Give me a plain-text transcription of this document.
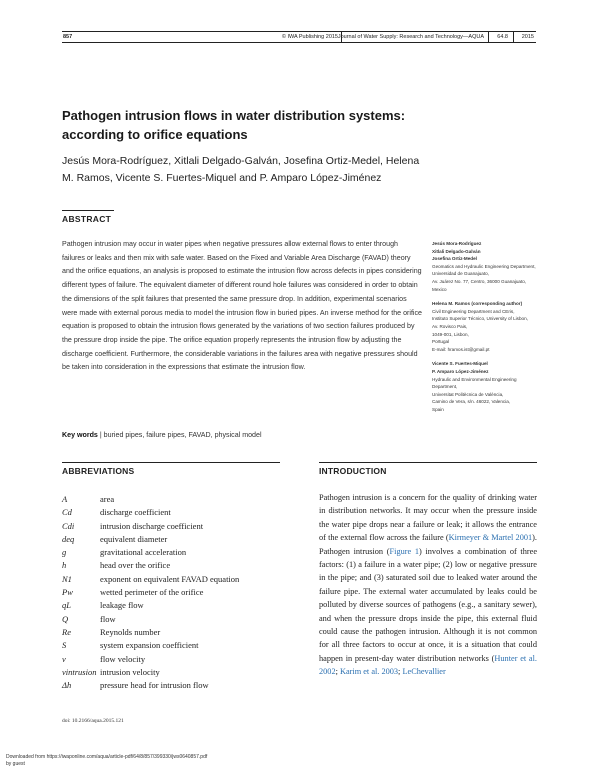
857	© IWA Publishing 2015 Journal of Water Supply: Research and Technology—AQUA 64.8	2015
Pathogen intrusion flows in water distribution systems: according to orifice equations
Jesús Mora-Rodríguez, Xitlali Delgado-Galván, Josefina Ortiz-Medel, Helena M. Ramos, Vicente S. Fuertes-Miquel and P. Amparo López-Jiménez
ABSTRACT
Pathogen intrusion may occur in water pipes when negative pressures allow external flows to enter through failures or leaks and then mix with safe water. Based on the Fixed and Variable Area Discharge (FAVAD) theory and the orifice equations, an analysis is proposed to estimate the intrusion flow across defects in pipes considering different types of failure. The equivalent diameter of different round hole failures was considered in order to obtain the dimensions of the split failures that presented the same pressure drop. In addition, experimental scenarios were made with external porous media to model the intrusion flow in buried pipes. An inverse method for the orifice equation is proposed to obtain the intrusion flows generated by the variations of two section failures produced by the pressure drop inside the pipe. The orifice equation properly represents the intrusion flow by adjusting the discharge coefficient. Furthermore, the considerable variations in the failures area with negative pressures should be taken into consideration in the expressions that estimate the intrusion flow.
Key words | buried pipes, failure pipes, FAVAD, physical model
Jesús Mora-Rodríguez
Xitlali Delgado-Galván
Josefina Ortiz-Medel
Geomatics and Hydraulic Engineering Department,
Universidad de Guanajuato,
Av. Juárez No. 77, Centro, 36000 Guanajuato,
Mexico
Helena M. Ramos (corresponding author)
Civil Engineering Department and CEris,
Instituto Superior Técnico, University of Lisbon,
Av. Rovisco Pais,
1049-001, Lisbon,
Portugal
E-mail: hramos.ist@gmail.pt
Vicente S. Fuertes-Miquel
P. Amparo López-Jiménez
Hydraulic and Environmental Engineering
Department,
Universitat Politècnica de València,
Camino de Vera, s/n. 46022, Valencia,
Spain
ABBREVIATIONS
A	area
Cd	discharge coefficient
Cdi	intrusion discharge coefficient
deq	equivalent diameter
g	gravitational acceleration
h	head over the orifice
N1	exponent on equivalent FAVAD equation
Pw	wetted perimeter of the orifice
qL	leakage flow
Q	flow
Re	Reynolds number
S	system expansion coefficient
v	flow velocity
vintrusion intrusion velocity
Δh	pressure head for intrusion flow
INTRODUCTION
Pathogen intrusion is a concern for the quality of drinking water in distribution networks. It may occur when the pressure inside the water pipe drops near a failure or leak; it allows the entrance of the external flow across the failure (Kirmeyer & Martel 2001). Pathogen intrusion (Figure 1) involves a combination of three factors: (1) a failure in a water pipe; (2) low or negative pressure in the pipe; and (3) saturated soil due to leaked water around the failure pipe. The external water accumulated by leaks could be polluted by diverse sources of pathogens (e.g., a sanitary sewer), and when the pressure drops inside the pipe, this external fluid could cause the pathogen intrusion. Although it is not common for all three factors to occur at once, it is a situation that could happen in present-day water distribution networks (Hunter et al. 2002; Karim et al. 2003; LeChevallier
doi: 10.2166/aqua.2015.121
Downloaded from https://iwaponline.com/aqua/article-pdf/64/8/857/399330/jws0640857.pdf
by guest
